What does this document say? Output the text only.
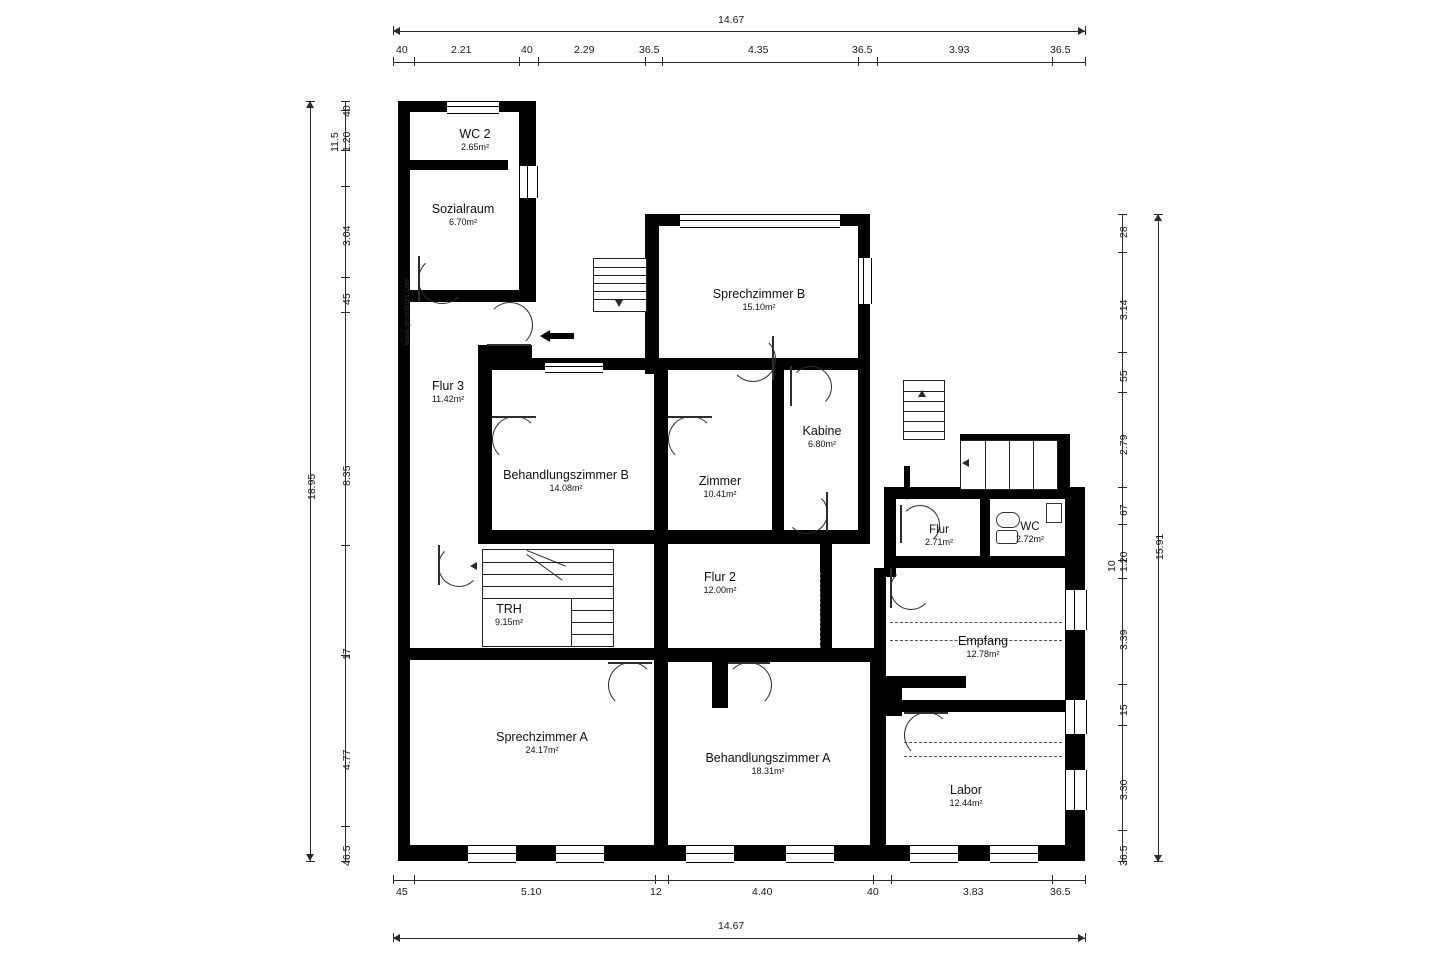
14.67
40	2.21	40	2.29	36.5	4.35	36.5	3.93	36.5
18.95
40
1.20
11.5
3.04
45
8.35
17
4.77
46.5
28
3.14
55
2.79
67
1.20
10
3.39
15
3.30
36.5
15.91
45	5.10	12	4.40	40	3.83	36.5
14.67
WC 2
2.65m²
Sozialraum
6.70m²
Flur 3
11.42m²
Sprechzimmer B
15.10m²
Kabine
6.80m²
Behandlungszimmer B
14.08m²	Zimmer
10.41m²
Flur
2.71m²
WC
2.72m²
TRH
9.15m²
Flur 2
12.00m²
Empfang
12.78m²
Sprechzimmer A
24.17m²
Behandlungszimmer A
18.31m²
Labor
12.44m²
www.grundriss.com
